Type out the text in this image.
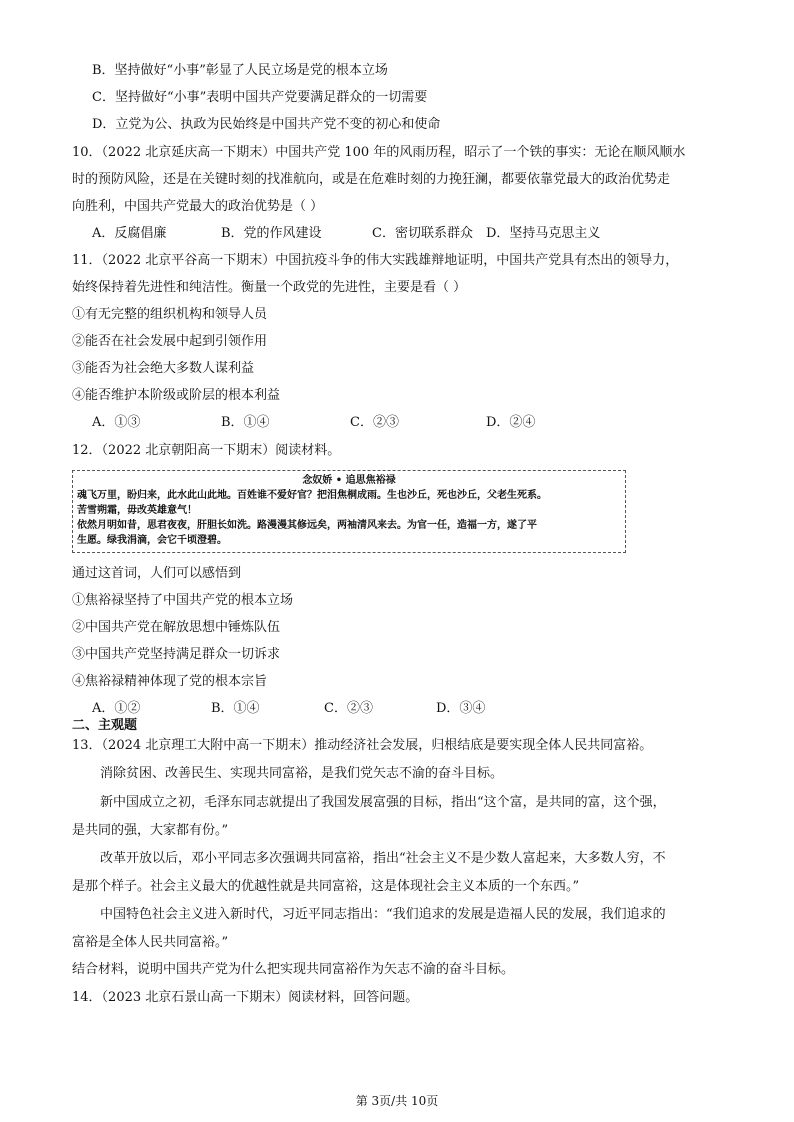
B．坚持做好“小事”彰显了人民立场是党的根本立场
C．坚持做好“小事”表明中国共产党要满足群众的一切需要
D．立党为公、执政为民始终是中国共产党不变的初心和使命
10．（2022 北京延庆高一下期末）中国共产党 100 年的风雨历程，昭示了一个铁的事实：无论在顺风顺水
时的预防风险，还是在关键时刻的找准航向，或是在危难时刻的力挽狂澜，都要依靠党最大的政治优势走
向胜利，中国共产党最大的政治优势是（ ）
A．反腐倡廉	B．党的作风建设	C．密切联系群众 D．坚持马克思主义
11．（2022 北京平谷高一下期末）中国抗疫斗争的伟大实践雄辩地证明，中国共产党具有杰出的领导力，
始终保持着先进性和纯洁性。衡量一个政党的先进性，主要是看（ ）
①有无完整的组织机构和领导人员
②能否在社会发展中起到引领作用
③能否为社会绝大多数人谋利益
④能否维护本阶级或阶层的根本利益
A．①③	B．①④	C．②③	D．②④
12．（2022 北京朝阳高一下期末）阅读材料。
念奴娇 • 追思焦裕禄
魂飞万里，盼归来，此水此山此地。百姓谁不爱好官？把泪焦桐成雨。生也沙丘，死也沙丘，父老生死系。
苦雪朔霜，毋改英雄意气！
依然月明如昔，思君夜夜，肝胆长如洗。路漫漫其修远矣，两袖清风来去。为官一任，造福一方，遂了平
生愿。绿我涓滴，会它千顷澄碧。
通过这首词，人们可以感悟到
①焦裕禄坚持了中国共产党的根本立场
②中国共产党在解放思想中锤炼队伍
③中国共产党坚持满足群众一切诉求
④焦裕禄精神体现了党的根本宗旨
A．①②	B．①④	C．②③	D．③④
二、主观题
13．（2024 北京理工大附中高一下期末）推动经济社会发展，归根结底是要实现全体人民共同富裕。
消除贫困、改善民生、实现共同富裕，是我们党矢志不渝的奋斗目标。
新中国成立之初，毛泽东同志就提出了我国发展富强的目标，指出“这个富，是共同的富，这个强，
是共同的强，大家都有份。”
改革开放以后，邓小平同志多次强调共同富裕，指出“社会主义不是少数人富起来，大多数人穷，不
是那个样子。社会主义最大的优越性就是共同富裕，这是体现社会主义本质的一个东西。”
中国特色社会主义进入新时代，习近平同志指出：“我们追求的发展是造福人民的发展，我们追求的
富裕是全体人民共同富裕。”
结合材料，说明中国共产党为什么把实现共同富裕作为矢志不渝的奋斗目标。
14．（2023 北京石景山高一下期末）阅读材料，回答问题。
第 3页/共 10页
